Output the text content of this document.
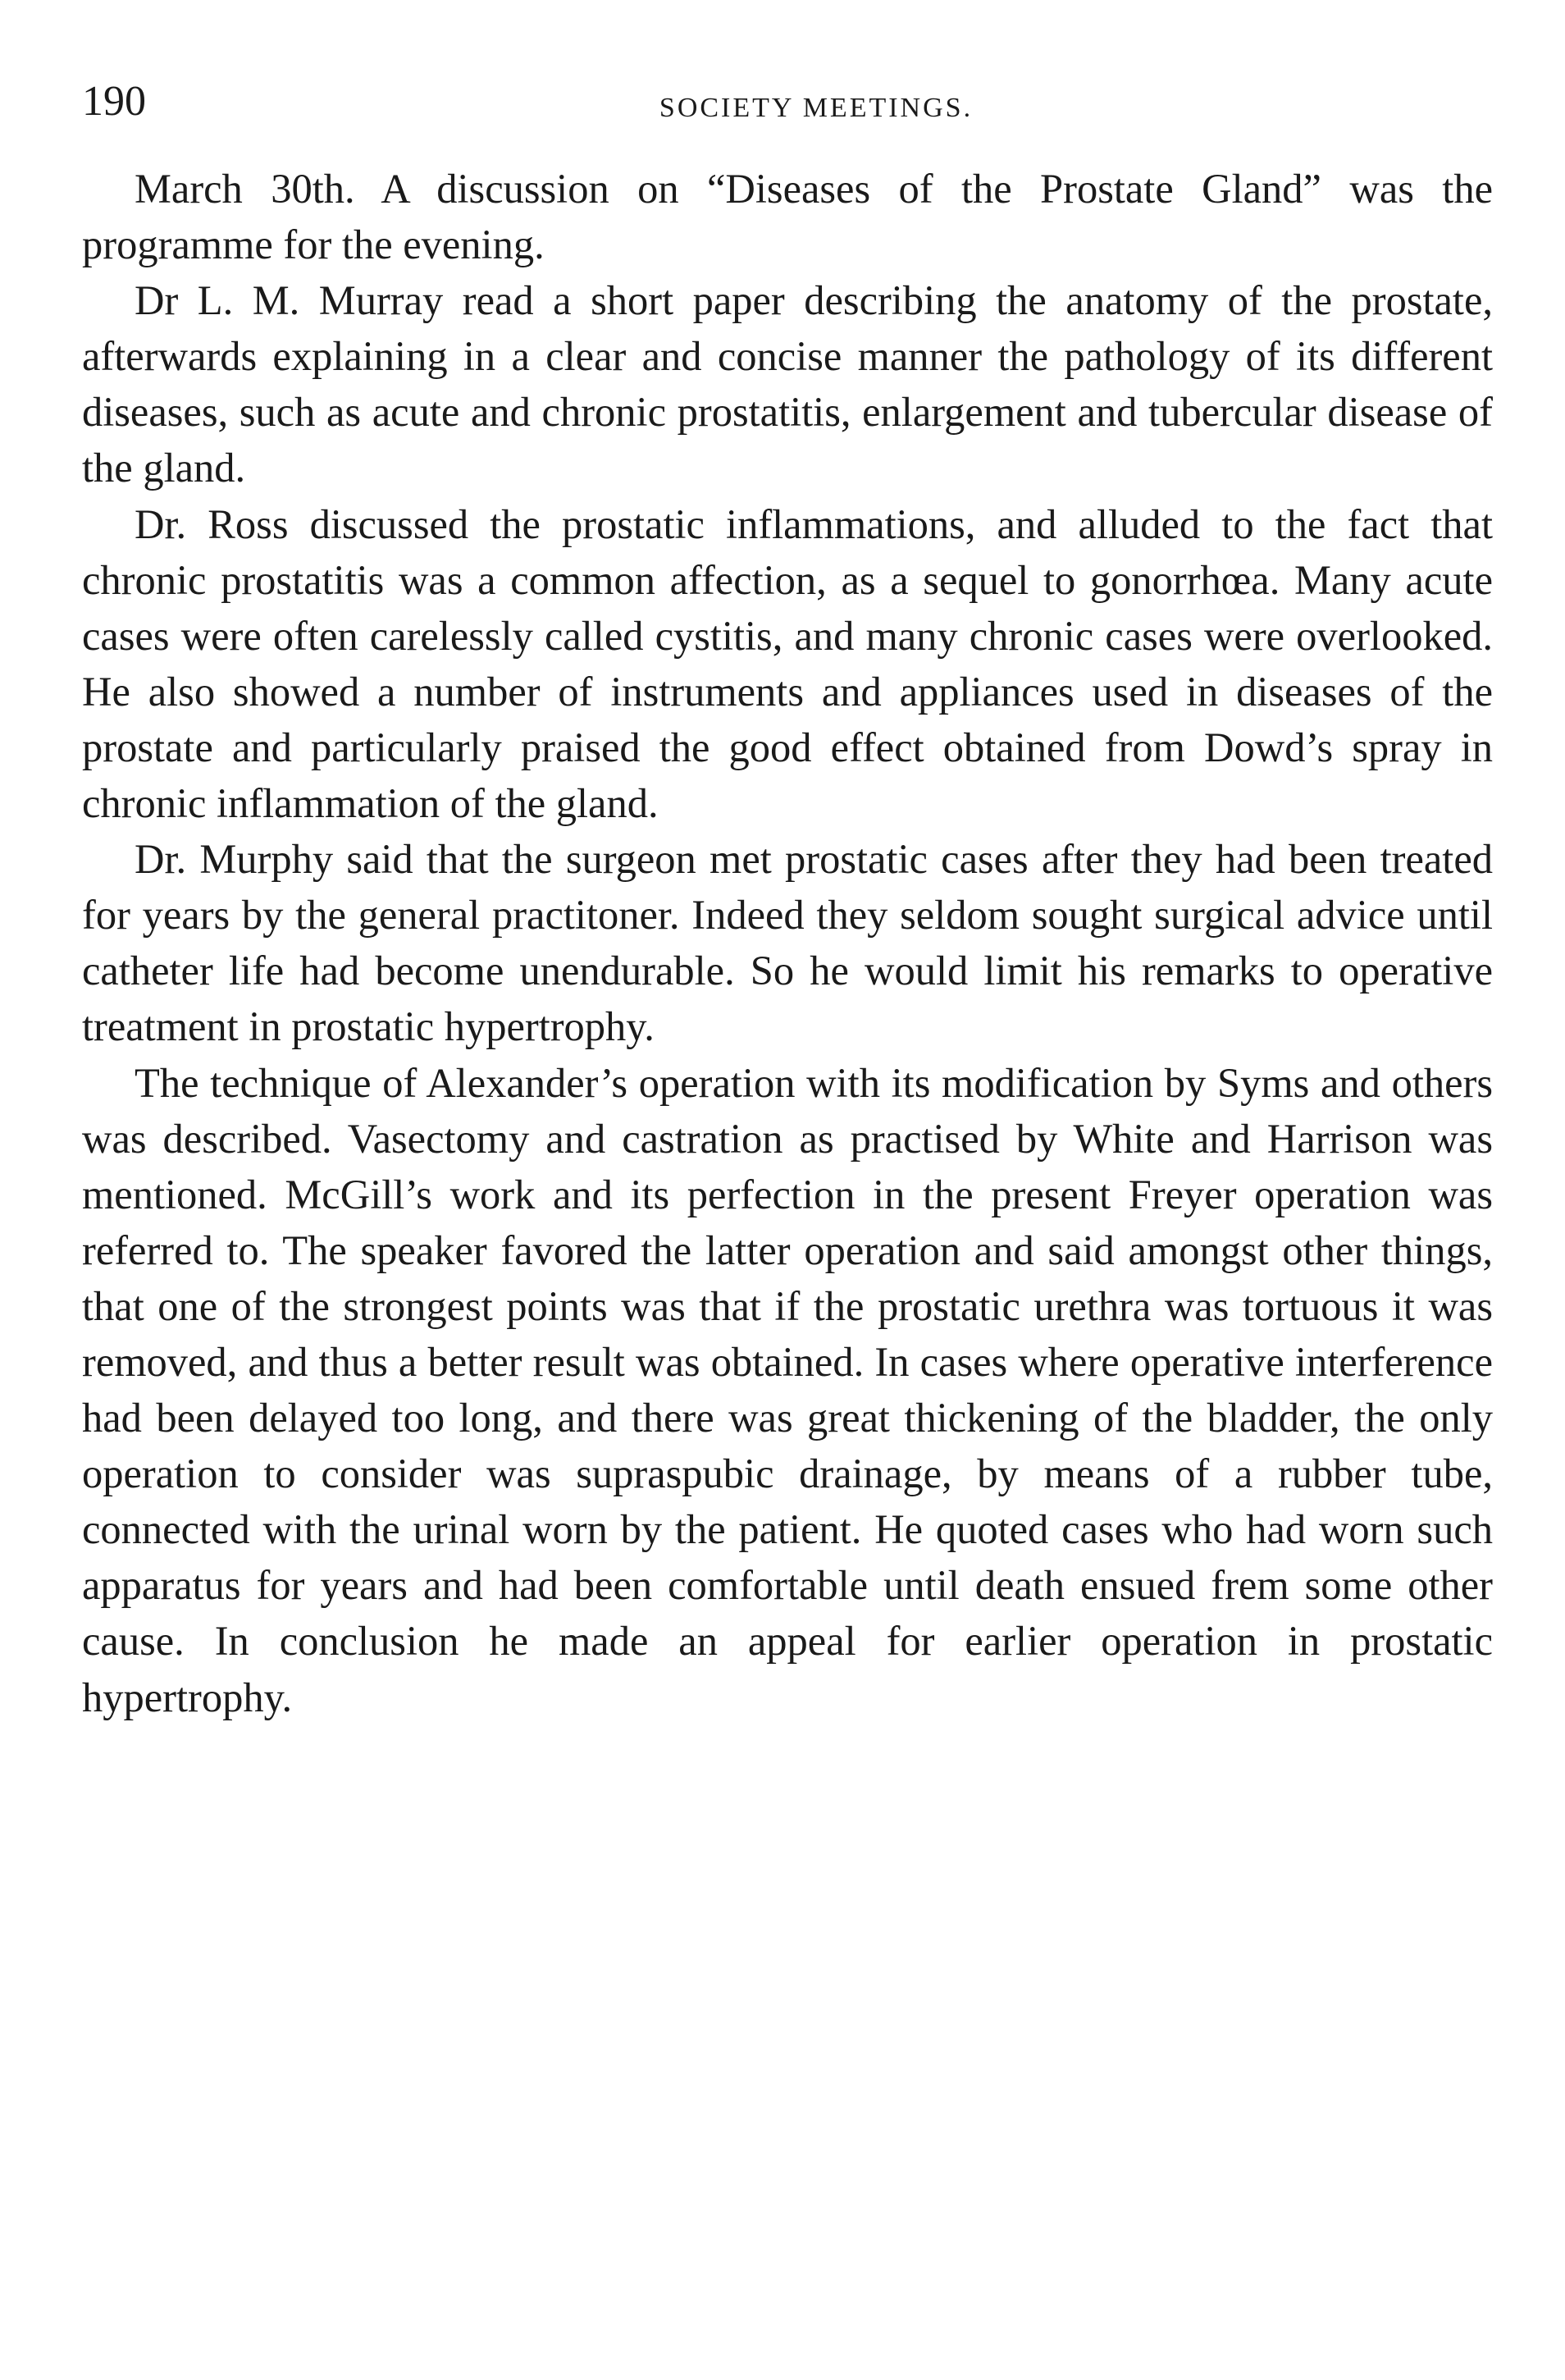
190	SOCIETY MEETINGS.

March 30th. A discussion on “Diseases of the Prostate Gland” was the programme for the evening.

Dr L. M. Murray read a short paper describing the anatomy of the prostate, afterwards explaining in a clear and concise manner the pathology of its different diseases, such as acute and chronic prostatitis, enlargement and tubercular disease of the gland.

Dr. Ross discussed the prostatic inflammations, and alluded to the fact that chronic prostatitis was a common affection, as a sequel to gonorrhœa. Many acute cases were often carelessly called cystitis, and many chronic cases were overlooked. He also showed a number of instruments and appliances used in diseases of the prostate and particularly praised the good effect obtained from Dowd’s spray in chronic inflammation of the gland.

Dr. Murphy said that the surgeon met prostatic cases after they had been treated for years by the general practitoner. Indeed they seldom sought surgical advice until catheter life had become unendurable. So he would limit his remarks to operative treatment in prostatic hypertrophy.

The technique of Alexander’s operation with its modification by Syms and others was described. Vasectomy and castration as practised by White and Harrison was mentioned. McGill’s work and its perfection in the present Freyer operation was referred to. The speaker favored the latter operation and said amongst other things, that one of the strongest points was that if the prostatic urethra was tortuous it was removed, and thus a better result was obtained. In cases where operative interference had been delayed too long, and there was great thickening of the bladder, the only operation to consider was supraspubic drainage, by means of a rubber tube, connected with the urinal worn by the patient. He quoted cases who had worn such apparatus for years and had been comfortable until death ensued frem some other cause. In conclusion he made an appeal for earlier operation in prostatic hypertrophy.
